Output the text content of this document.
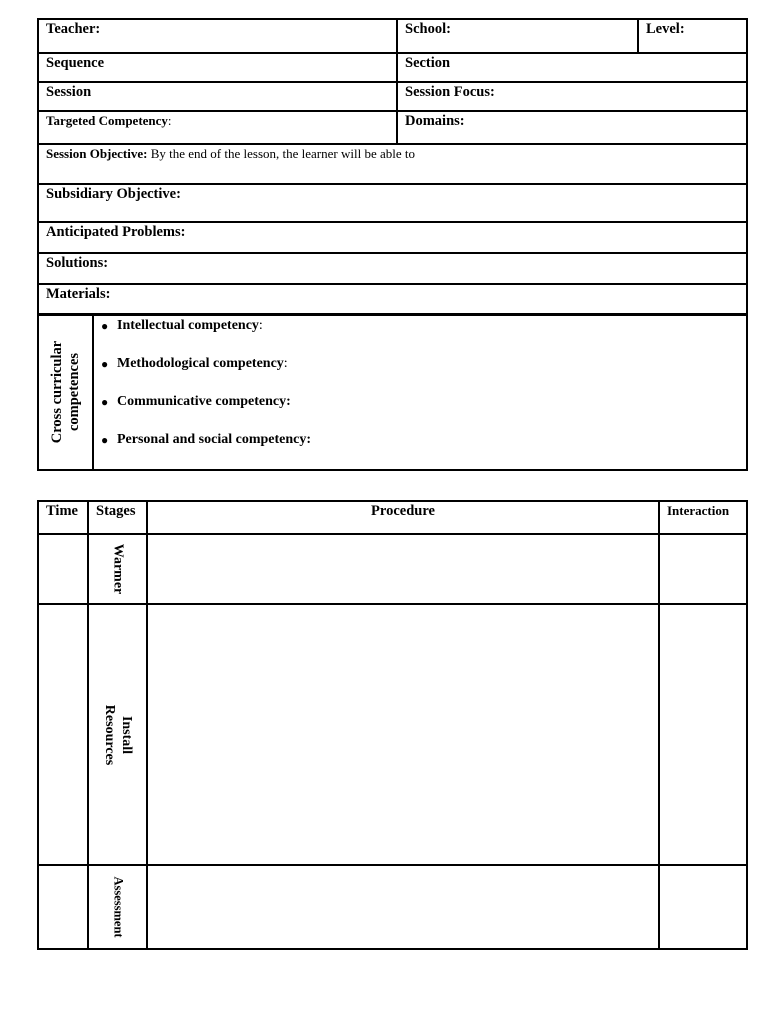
Teacher:	School:	Level:
Sequence	Section	
Session	Session Focus:	
Targeted Competency:	Domains:	
Session Objective: By the end of the lesson, the learner will be able to		
Subsidiary Objective:		
Anticipated Problems:		
Solutions:		
Materials:		
Cross curricular competences

● Intellectual competency:
● Methodological competency:
● Communicative competency:
● Personal and social competency:
Time	Stages	Procedure	Interaction

	Warmer		

	Install
Resources		

	Assessment		
